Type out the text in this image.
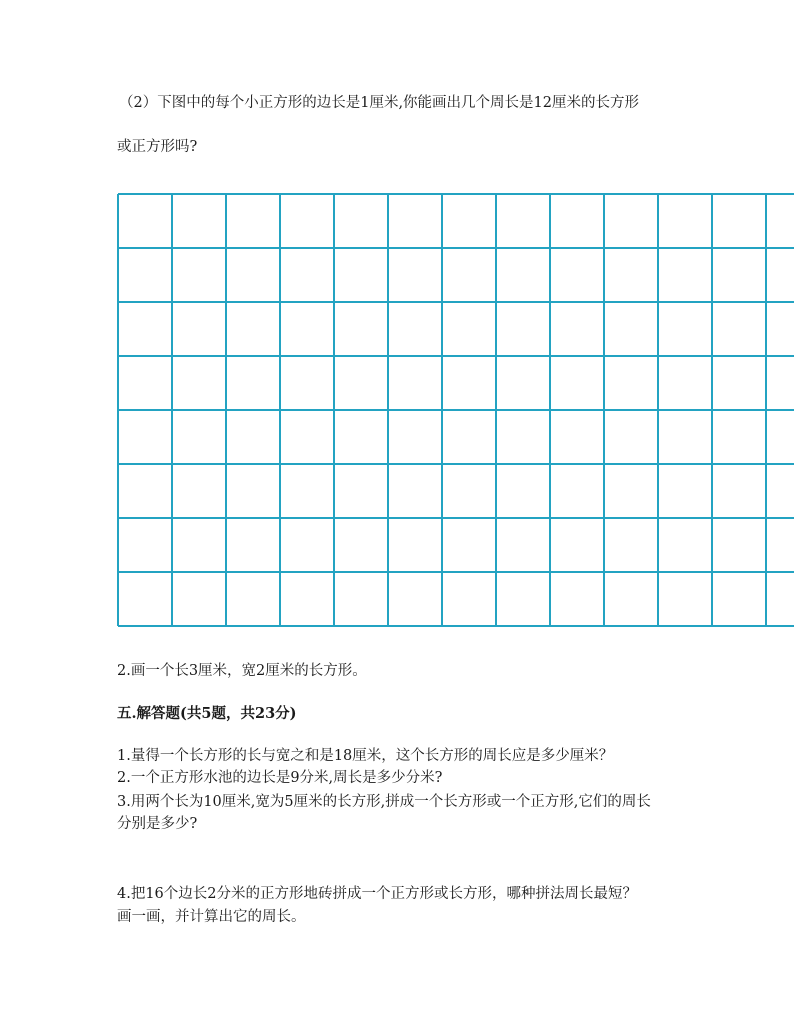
（2）下图中的每个小正方形的边长是1厘米,你能画出几个周长是12厘米的长方形
或正方形吗?
2.画一个长3厘米，宽2厘米的长方形。
五.解答题(共5题，共23分)
1.量得一个长方形的长与宽之和是18厘米，这个长方形的周长应是多少厘米？
2.一个正方形水池的边长是9分米,周长是多少分米?
3.用两个长为10厘米,宽为5厘米的长方形,拼成一个长方形或一个正方形,它们的周长
分别是多少?
4.把16个边长2分米的正方形地砖拼成一个正方形或长方形，哪种拼法周长最短？
画一画，并计算出它的周长。
